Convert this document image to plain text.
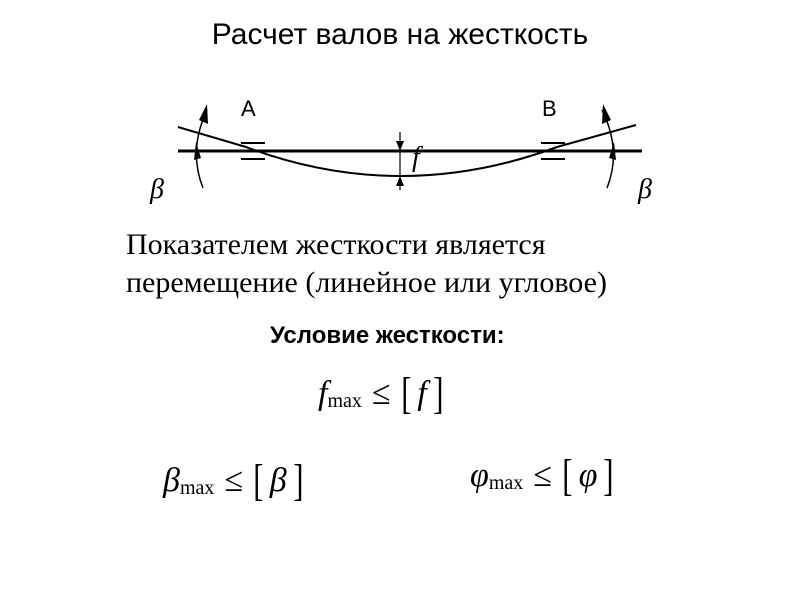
Расчет валов на жесткость
A	B
f
β	β
Показателем жесткости является
перемещение (линейное или угловое)
Условие жесткости:
f max ≤ [ f ]
β max ≤ [ β ]	φ max ≤ [ φ ]
